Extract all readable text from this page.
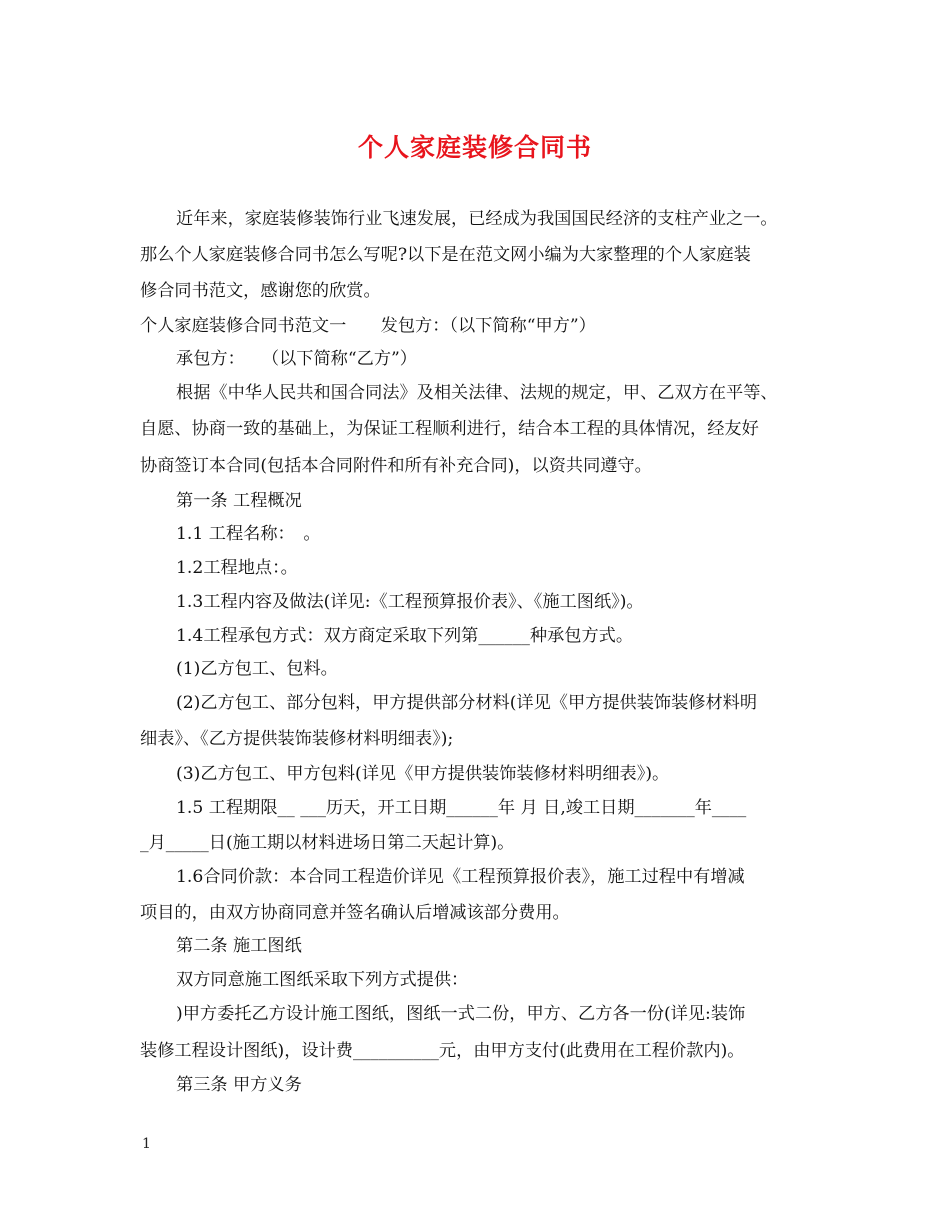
个人家庭装修合同书
近年来，家庭装修装饰行业飞速发展，已经成为我国国民经济的支柱产业之一。
那么个人家庭装修合同书怎么写呢?以下是在范文网小编为大家整理的个人家庭装
修合同书范文，感谢您的欣赏。
个人家庭装修合同书范文一　　发包方：（以下简称“甲方”）
承包方：　　（以下简称“乙方”）
根据《中华人民共和国合同法》及相关法律、法规的规定，甲、乙双方在平等、
自愿、协商一致的基础上，为保证工程顺利进行，结合本工程的具体情况，经友好
协商签订本合同(包括本合同附件和所有补充合同)，以资共同遵守。
第一条 工程概况
1.1 工程名称：　。
1.2工程地点：。
1.3工程内容及做法(详见:《工程预算报价表》、《施工图纸》)。
1.4工程承包方式：双方商定采取下列第______种承包方式。
(1)乙方包工、包料。
(2)乙方包工、部分包料，甲方提供部分材料(详见《甲方提供装饰装修材料明
细表》、《乙方提供装饰装修材料明细表》);
(3)乙方包工、甲方包料(详见《甲方提供装饰装修材料明细表》)。
1.5 工程期限__ ___历天，开工日期______年 月 日,竣工日期_______年____
_月_____日(施工期以材料进场日第二天起计算)。
1.6合同价款：本合同工程造价详见《工程预算报价表》，施工过程中有增减
项目的，由双方协商同意并签名确认后增减该部分费用。
第二条 施工图纸
双方同意施工图纸采取下列方式提供：
)甲方委托乙方设计施工图纸，图纸一式二份，甲方、乙方各一份(详见:装饰
装修工程设计图纸)，设计费__________元，由甲方支付(此费用在工程价款内)。
第三条 甲方义务
1
